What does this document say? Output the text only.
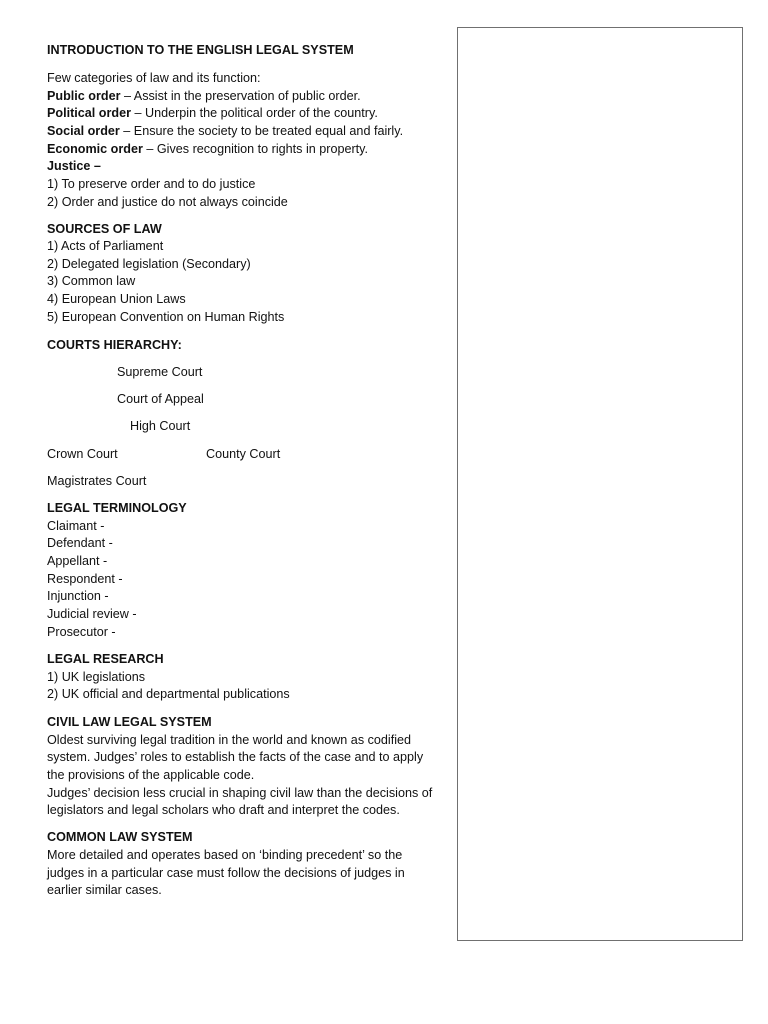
INTRODUCTION TO THE ENGLISH LEGAL SYSTEM
Few categories of law and its function:
Public order – Assist in the preservation of public order.
Political order – Underpin the political order of the country.
Social order – Ensure the society to be treated equal and fairly.
Economic order – Gives recognition to rights in property.
Justice –
1) To preserve order and to do justice
2) Order and justice do not always coincide
SOURCES OF LAW
1) Acts of Parliament
2) Delegated legislation (Secondary)
3) Common law
4) European Union Laws
5) European Convention on Human Rights
COURTS HIERARCHY:
Supreme Court
Court of Appeal
High Court
Crown Court	County Court
Magistrates Court
LEGAL TERMINOLOGY
Claimant -
Defendant -
Appellant -
Respondent -
Injunction -
Judicial review -
Prosecutor -
LEGAL RESEARCH
1) UK legislations
2) UK official and departmental publications
CIVIL LAW LEGAL SYSTEM
Oldest surviving legal tradition in the world and known as codified
system. Judges’ roles to establish the facts of the case and to apply
the provisions of the applicable code.
Judges’ decision less crucial in shaping civil law than the decisions of
legislators and legal scholars who draft and interpret the codes.
COMMON LAW SYSTEM
More detailed and operates based on ‘binding precedent’ so the
judges in a particular case must follow the decisions of judges in
earlier similar cases.
